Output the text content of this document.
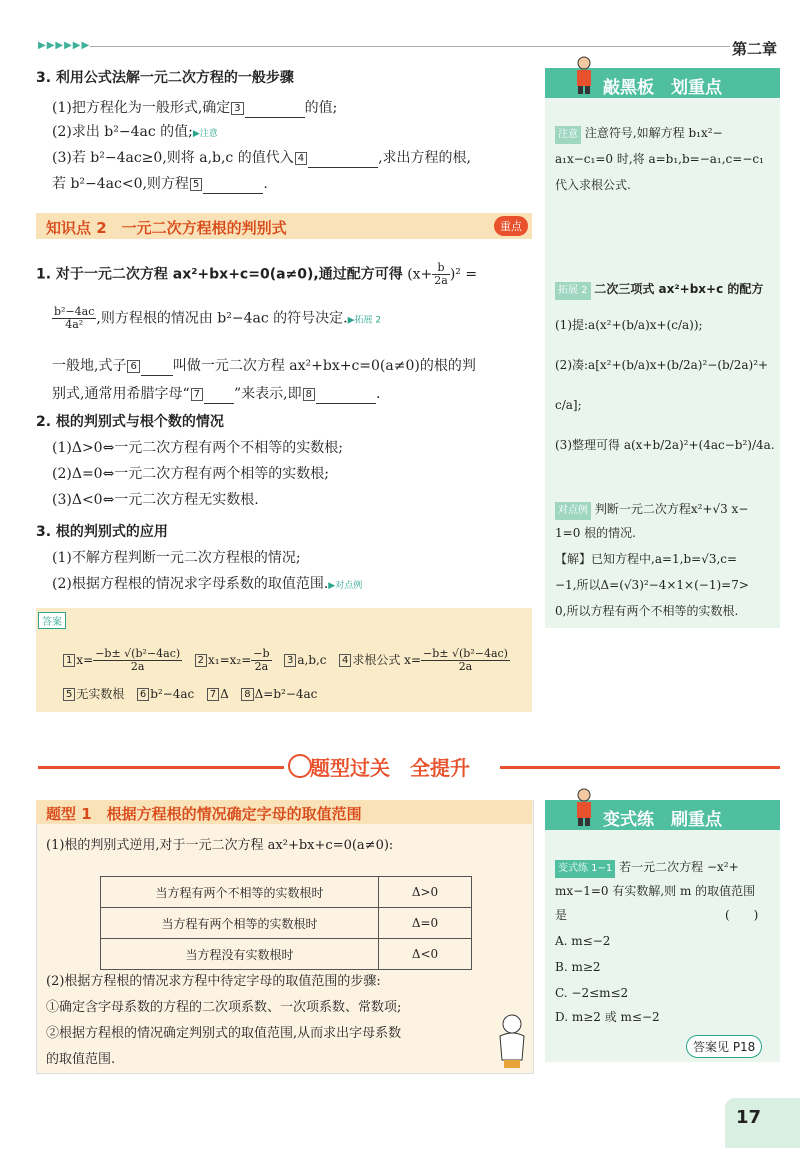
▶▶▶▶▶▶	第二章
3. 利用公式法解一元二次方程的一般步骤
(1)把方程化为一般形式,确定 3	的值;
(2)求出 b²−4ac 的值;▶注意
(3)若 b²−4ac≥0,则将 a,b,c 的值代入 4	,求出方程的根,
若 b²−4ac<0,则方程 5	.
知识点 2　一元二次方程根的判别式	重点
1. 对于一元二次方程 ax²+bx+c=0(a≠0),通过配方可得 $(x+ \frac{b}{2a} )^2$ =
$\frac{\text{b²−4ac}}{\text{4a²}}$ ,则方程根的情况由 b²−4ac 的符号决定.▶拓展 2
一般地,式子 6	叫做一元二次方程 ax²+bx+c=0(a≠0)的根的判
别式,通常用希腊字母“ 7 ”来表示,即 8	.
2. 根的判别式与根个数的情况
(1)Δ>0⇔一元二次方程有两个不相等的实数根;
(2)Δ=0⇔一元二次方程有两个相等的实数根;
(3)Δ<0⇔一元二次方程无实数根.
3. 根的判别式的应用
(1)不解方程判断一元二次方程根的情况;
(2)根据方程根的情况求字母系数的取值范围.▶对点例
答案
1 $x= \frac{\text{−b± √(b²−4ac)}}{2a} 2$ $x_1=x_2= \frac{-b}{2a} 3$ a,b,c 4 求根公式 $x= \frac{\text{−b± √(b²−4ac)}}{2a}$
5 无实数根 6 b²−4ac 7 Δ 8 Δ=b²−4ac
敲黑板　划重点
注意 注意符号,如解方程 b₁x²−
a₁x−c₁=0 时,将 a=b₁,b=−a₁,c=−c₁
代入求根公式.
拓展 2 二次三项式 ax²+bx+c 的配方
(1)提:a(x²+(b/a)x+(c/a));
(2)凑:a[x²+(b/a)x+(b/2a)²−(b/2a)²+
c/a];
(3)整理可得 a(x+b/2a)²+(4ac−b²)/4a.
对点例 判断一元二次方程x²+√3 x−
1=0 根的情况.
【解】已知方程中,a=1,b=√3,c=
−1,所以Δ=(√3)²−4×1×(−1)=7>
0,所以方程有两个不相等的实数根.
题型过关　全提升
题型 1　根据方程根的情况确定字母的取值范围
(1)根的判别式逆用,对于一元二次方程 ax²+bx+c=0(a≠0):
当方程有两个不相等的实数根时	Δ>0
当方程有两个相等的实数根时	Δ=0
当方程没有实数根时	Δ<0
(2)根据方程根的情况求方程中待定字母的取值范围的步骤:
①确定含字母系数的方程的二次项系数、一次项系数、常数项;
②根据方程根的情况确定判别式的取值范围,从而求出字母系数
的取值范围.
变式练　刷重点
变式练 1−1 若一元二次方程 −x²+
mx−1=0 有实数解,则 m 的取值范围
是	(　　)
A. m≤−2
B. m≥2
C. −2≤m≤2
D. m≥2 或 m≤−2
答案见 P18
17
